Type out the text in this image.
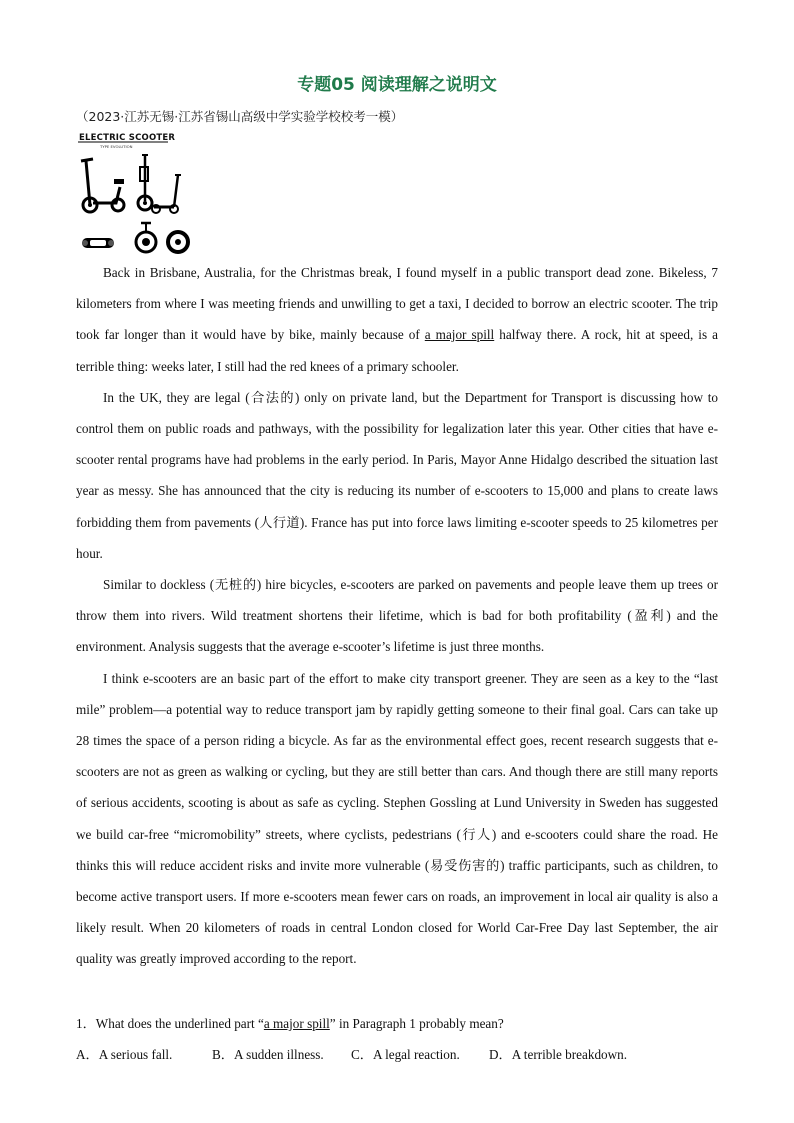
专题05 阅读理解之说明文
（2023·江苏无锡·江苏省锡山高级中学实验学校校考一模）
ELECTRIC SCOOTER
TYPE EVOLUTION

Back in Brisbane, Australia, for the Christmas break, I found myself in a public transport dead zone. Bikeless, 7 kilometers from where I was meeting friends and unwilling to get a taxi, I decided to borrow an electric scooter. The trip took far longer than it would have by bike, mainly because of a major spill halfway there. A rock, hit at speed, is a terrible thing: weeks later, I still had the red knees of a primary schooler.

In the UK, they are legal (合法的) only on private land, but the Department for Transport is discussing how to control them on public roads and pathways, with the possibility for legalization later this year. Other cities that have e-scooter rental programs have had problems in the early period. In Paris, Mayor Anne Hidalgo described the situation last year as messy. She has announced that the city is reducing its number of e-scooters to 15,000 and plans to create laws forbidding them from pavements (人行道). France has put into force laws limiting e-scooter speeds to 25 kilometres per hour.

Similar to dockless (无桩的) hire bicycles, e-scooters are parked on pavements and people leave them up trees or throw them into rivers. Wild treatment shortens their lifetime, which is bad for both profitability (盈利) and the environment. Analysis suggests that the average e-scooter’s lifetime is just three months.

I think e-scooters are an basic part of the effort to make city transport greener. They are seen as a key to the “last mile” problem—a potential way to reduce transport jam by rapidly getting someone to their final goal. Cars can take up 28 times the space of a person riding a bicycle. As far as the environmental effect goes, recent research suggests that e-scooters are not as green as walking or cycling, but they are still better than cars. And though there are still many reports of serious accidents, scooting is about as safe as cycling. Stephen Gossling at Lund University in Sweden has suggested we build car-free “micromobility” streets, where cyclists, pedestrians (行人) and e-scooters could share the road. He thinks this will reduce accident risks and invite more vulnerable (易受伤害的) traffic participants, such as children, to become active transport users. If more e-scooters mean fewer cars on roads, an improvement in local air quality is also a likely result. When 20 kilometers of roads in central London closed for World Car-Free Day last September, the air quality was greatly improved according to the report.

1．What does the underlined part “a major spill” in Paragraph 1 probably mean?
A．A serious fall.	B．A sudden illness. C．A legal reaction. D．A terrible breakdown.
